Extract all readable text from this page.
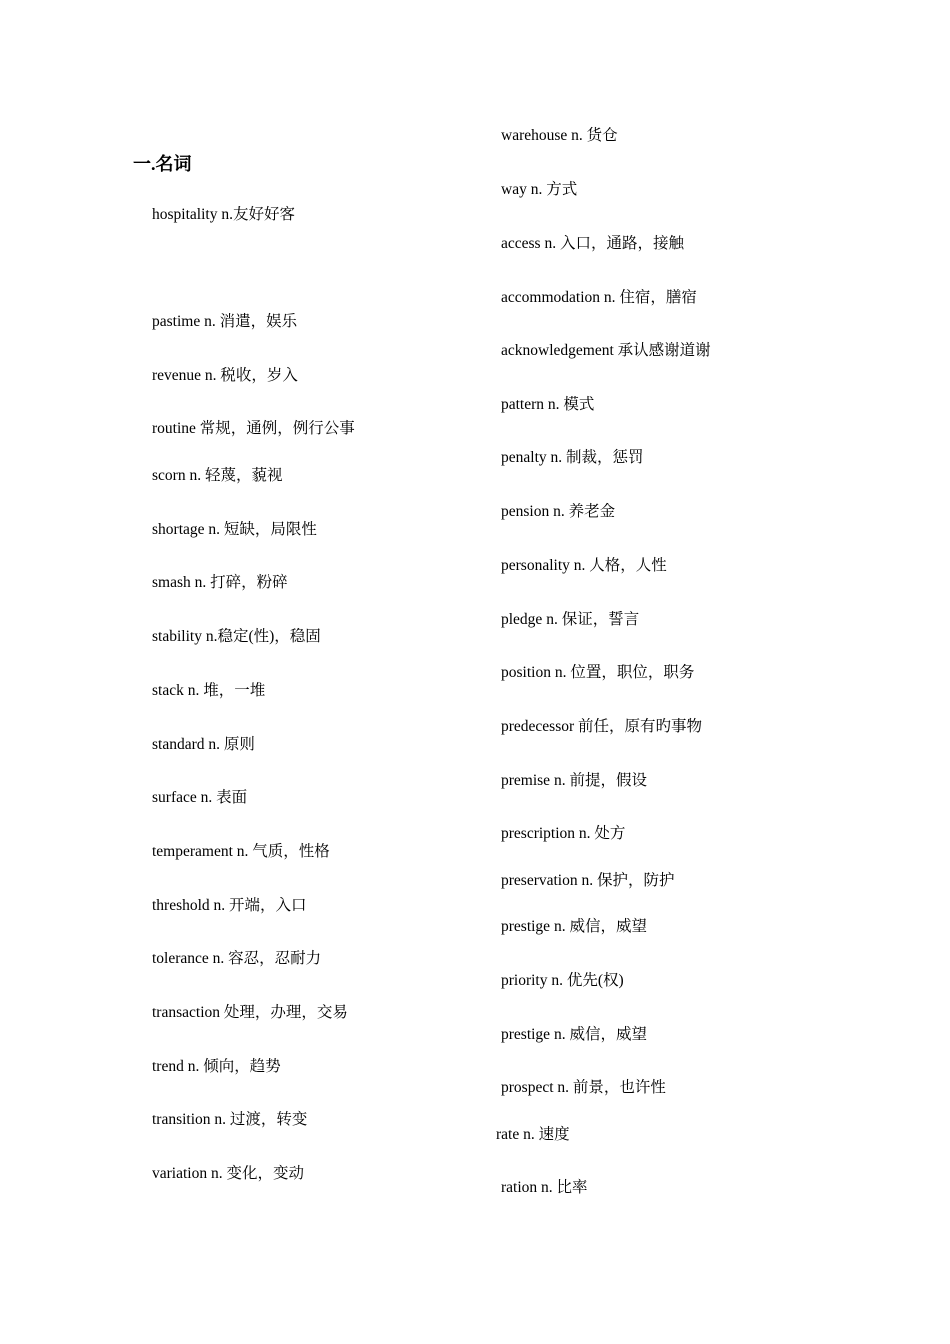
一.名词
hospitality n.友好好客
pastime n. 消遣，娱乐
revenue n. 税收，岁入
routine 常规，通例，例行公事
scorn n. 轻蔑，藐视
shortage n. 短缺，局限性
smash n. 打碎，粉碎
stability n.稳定(性)，稳固
stack n. 堆，一堆
standard n. 原则
surface n. 表面
temperament n. 气质，性格
threshold n. 开端，入口
tolerance n. 容忍，忍耐力
transaction 处理，办理，交易
trend n. 倾向，趋势
transition n. 过渡，转变
variation n. 变化，变动
warehouse n. 货仓
way n. 方式
access n. 入口，通路，接触
accommodation n. 住宿，膳宿
acknowledgement 承认感谢道谢
pattern n. 模式
penalty n. 制裁，惩罚
pension n. 养老金
personality n. 人格，人性
pledge n. 保证，誓言
position n. 位置，职位，职务
predecessor 前任，原有旳事物
premise n. 前提，假设
prescription n. 处方
preservation n. 保护，防护
prestige n. 威信，威望
priority n. 优先(权)
prestige n. 威信，威望
prospect n. 前景，也许性
rate n. 速度
ration n. 比率
